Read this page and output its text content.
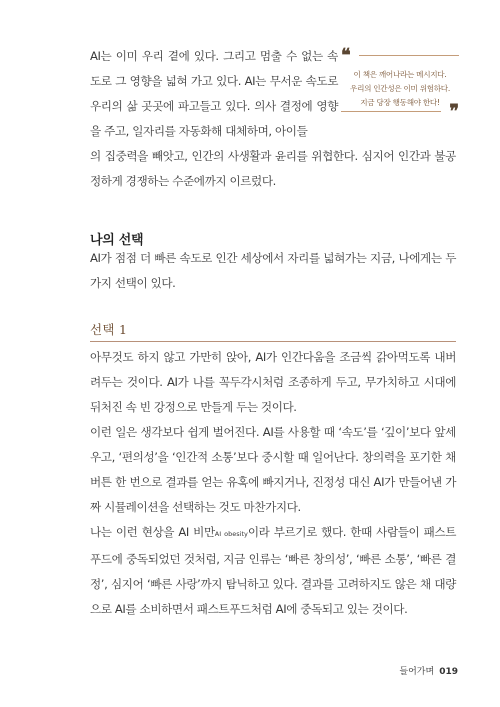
AI는 이미 우리 곁에 있다. 그리고 멈출 수 없는 속도로 그 영향을 넓혀 가고 있다. AI는 무서운 속도로 우리의 삶 곳곳에 파고들고 있다. 의사 결정에 영향을 주고, 일자리를 자동화해 대체하며, 아이들

의 집중력을 빼앗고, 인간의 사생활과 윤리를 위협한다. 심지어 인간과 불공정하게 경쟁하는 수준에까지 이르렀다.

❝
이 책은 깨어나라는 메시지다.
우리의 인간성은 이미 위험하다.
지금 당장 행동해야 한다! ❞
나의 선택

AI가 점점 더 빠른 속도로 인간 세상에서 자리를 넓혀가는 지금, 나에게는 두 가지 선택이 있다.

선택 1

아무것도 하지 않고 가만히 앉아, AI가 인간다움을 조금씩 갉아먹도록 내버려두는 것이다. AI가 나를 꼭두각시처럼 조종하게 두고, 무가치하고 시대에 뒤처진 속 빈 강정으로 만들게 두는 것이다.

이런 일은 생각보다 쉽게 벌어진다. AI를 사용할 때 ‘속도’를 ‘깊이’보다 앞세우고, ‘편의성’을 ‘인간적 소통’보다 중시할 때 일어난다. 창의력을 포기한 채 버튼 한 번으로 결과를 얻는 유혹에 빠지거나, 진정성 대신 AI가 만들어낸 가짜 시뮬레이션을 선택하는 것도 마찬가지다.

나는 이런 현상을 AI 비만AI obesity이라 부르기로 했다. 한때 사람들이 패스트푸드에 중독되었던 것처럼, 지금 인류는 ‘빠른 창의성’, ‘빠른 소통’, ‘빠른 결정’, 심지어 ‘빠른 사랑’까지 탐닉하고 있다. 결과를 고려하지도 않은 채 대량으로 AI를 소비하면서 패스트푸드처럼 AI에 중독되고 있는 것이다.

들어가며 019
